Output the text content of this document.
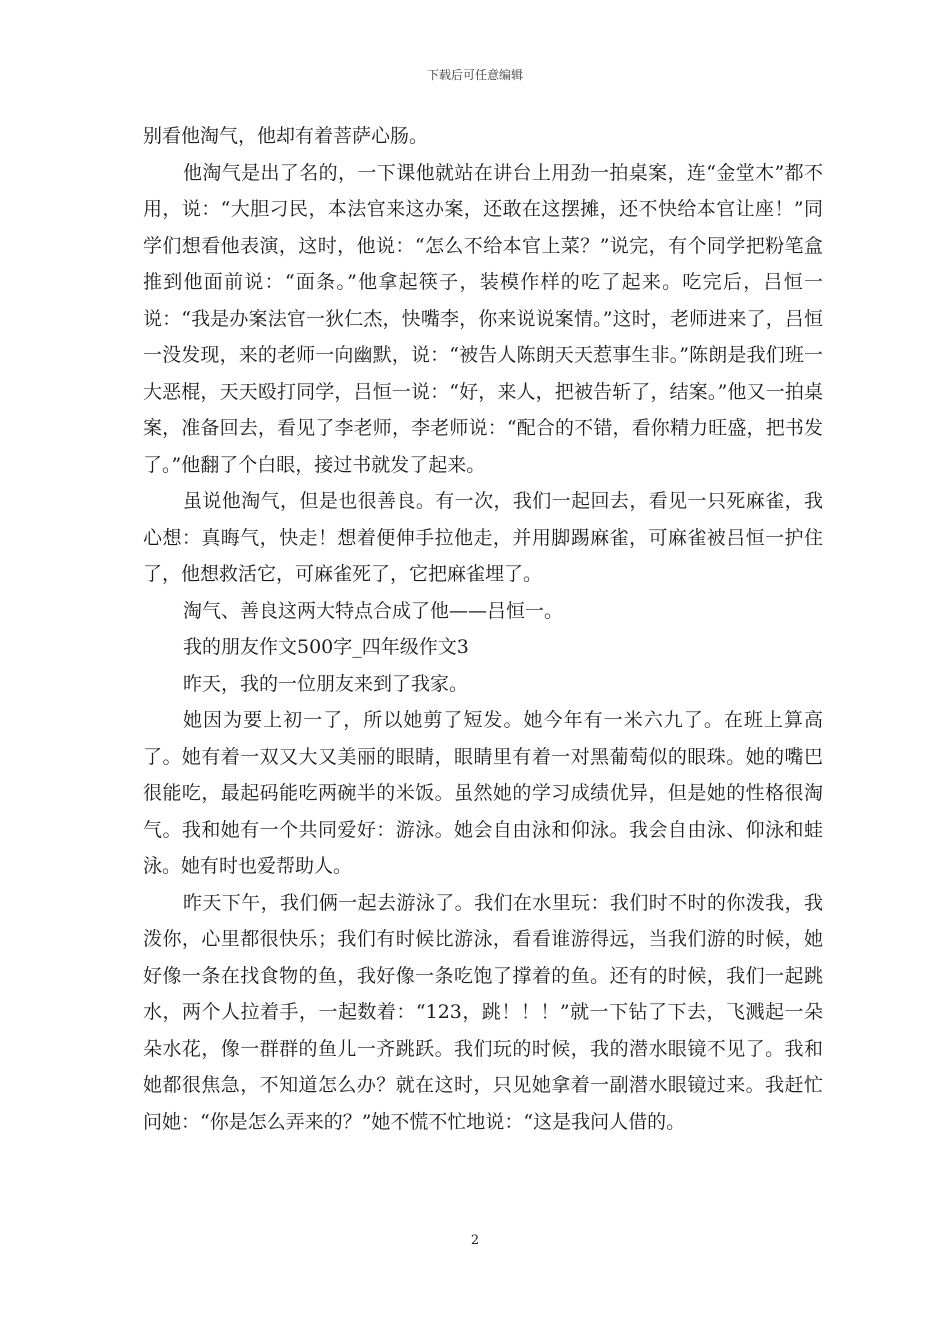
下载后可任意编辑

别看他淘气，他却有着菩萨心肠。

他淘气是出了名的，一下课他就站在讲台上用劲一拍桌案，连“金堂木”都不用，说：“大胆刁民，本法官来这办案，还敢在这摆摊，还不快给本官让座！”同学们想看他表演，这时，他说：“怎么不给本官上菜？”说完，有个同学把粉笔盒推到他面前说：“面条。”他拿起筷子，装模作样的吃了起来。吃完后，吕恒一说：“我是办案法官一狄仁杰，快嘴李，你来说说案情。”这时，老师进来了，吕恒一没发现，来的老师一向幽默，说：“被告人陈朗天天惹事生非。”陈朗是我们班一大恶棍，天天殴打同学，吕恒一说：“好，来人，把被告斩了，结案。”他又一拍桌案，准备回去，看见了李老师，李老师说：“配合的不错，看你精力旺盛，把书发了。”他翻了个白眼，接过书就发了起来。

虽说他淘气，但是也很善良。有一次，我们一起回去，看见一只死麻雀，我心想：真晦气，快走！想着便伸手拉他走，并用脚踢麻雀，可麻雀被吕恒一护住了，他想救活它，可麻雀死了，它把麻雀埋了。

淘气、善良这两大特点合成了他——吕恒一。

我的朋友作文500字_四年级作文3

昨天，我的一位朋友来到了我家。

她因为要上初一了，所以她剪了短发。她今年有一米六九了。在班上算高了。她有着一双又大又美丽的眼睛，眼睛里有着一对黑葡萄似的眼珠。她的嘴巴很能吃，最起码能吃两碗半的米饭。虽然她的学习成绩优异，但是她的性格很淘气。我和她有一个共同爱好：游泳。她会自由泳和仰泳。我会自由泳、仰泳和蛙泳。她有时也爱帮助人。

昨天下午，我们俩一起去游泳了。我们在水里玩：我们时不时的你泼我，我泼你，心里都很快乐；我们有时候比游泳，看看谁游得远，当我们游的时候，她好像一条在找食物的鱼，我好像一条吃饱了撑着的鱼。还有的时候，我们一起跳水，两个人拉着手，一起数着：“123，跳！！！”就一下钻了下去，飞溅起一朵朵水花，像一群群的鱼儿一齐跳跃。我们玩的时候，我的潜水眼镜不见了。我和她都很焦急，不知道怎么办？就在这时，只见她拿着一副潜水眼镜过来。我赶忙问她：“你是怎么弄来的？”她不慌不忙地说：“这是我问人借的。

2
